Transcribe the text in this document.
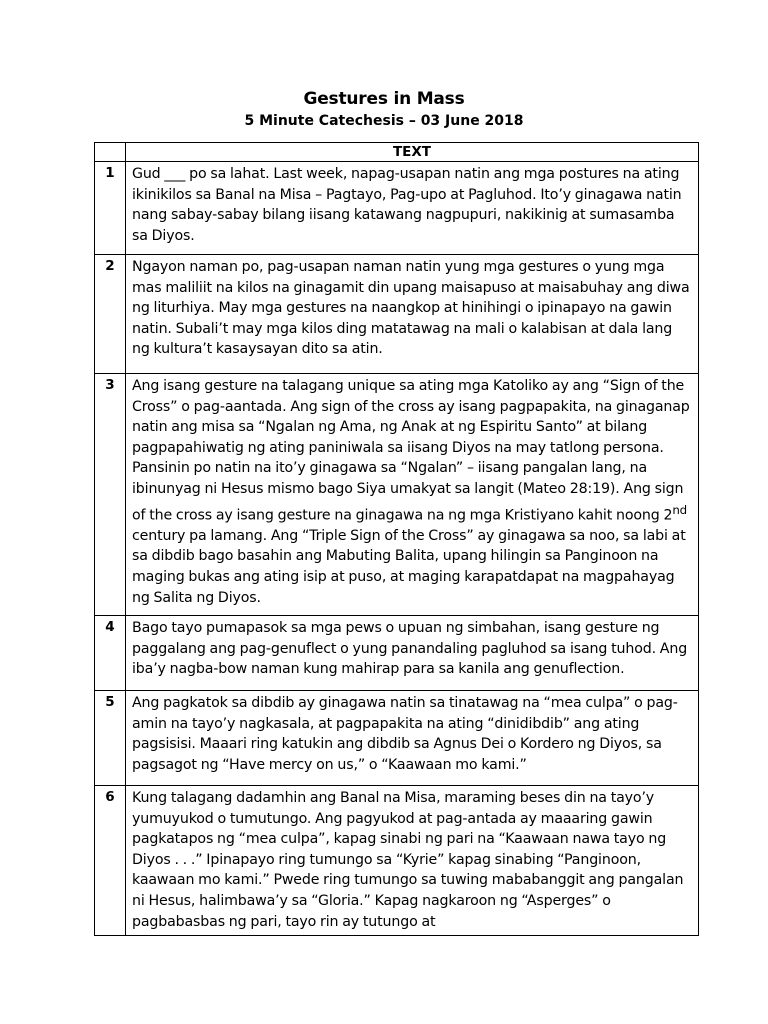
Gestures in Mass
5 Minute Catechesis – 03 June 2018
	TEXT
1	Gud ___ po sa lahat. Last week, napag-usapan natin ang mga postures na ating ikinikilos sa Banal na Misa – Pagtayo, Pag-upo at Pagluhod. Ito’y ginagawa natin nang sabay-sabay bilang iisang katawang nagpupuri, nakikinig at sumasamba sa Diyos.

2	Ngayon naman po, pag-usapan naman natin yung mga gestures o yung mga mas maliliit na kilos na ginagamit din upang maisapuso at maisabuhay ang diwa ng liturhiya. May mga gestures na naangkop at hinihingi o ipinapayo na gawin natin. Subali’t may mga kilos ding matatawag na mali o kalabisan at dala lang ng kultura’t kasaysayan dito sa atin.

3	Ang isang gesture na talagang unique sa ating mga Katoliko ay ang “Sign of the Cross” o pag-aantada. Ang sign of the cross ay isang pagpapakita, na ginaganap natin ang misa sa “Ngalan ng Ama, ng Anak at ng Espiritu Santo” at bilang pagpapahiwatig ng ating paniniwala sa iisang Diyos na may tatlong persona. Pansinin po natin na ito’y ginagawa sa “Ngalan” – iisang pangalan lang, na ibinunyag ni Hesus mismo bago Siya umakyat sa langit (Mateo 28:19). Ang sign of the cross ay isang gesture na ginagawa na ng mga Kristiyano kahit noong 2nd century pa lamang. Ang “Triple Sign of the Cross” ay ginagawa sa noo, sa labi at sa dibdib bago basahin ang Mabuting Balita, upang hilingin sa Panginoon na maging bukas ang ating isip at puso, at maging karapatdapat na magpahayag ng Salita ng Diyos.

4	Bago tayo pumapasok sa mga pews o upuan ng simbahan, isang gesture ng paggalang ang pag-genuflect o yung panandaling pagluhod sa isang tuhod. Ang iba’y nagba-bow naman kung mahirap para sa kanila ang genuflection.

5	Ang pagkatok sa dibdib ay ginagawa natin sa tinatawag na “mea culpa” o pag-amin na tayo’y nagkasala, at pagpapakita na ating “dinidibdib” ang ating pagsisisi. Maaari ring katukin ang dibdib sa Agnus Dei o Kordero ng Diyos, sa pagsagot ng “Have mercy on us,” o “Kaawaan mo kami.”

6	Kung talagang dadamhin ang Banal na Misa, maraming beses din na tayo’y yumuyukod o tumutungo. Ang pagyukod at pag-antada ay maaaring gawin pagkatapos ng “mea culpa”, kapag sinabi ng pari na “Kaawaan nawa tayo ng Diyos . . .” Ipinapayo ring tumungo sa “Kyrie” kapag sinabing “Panginoon, kaawaan mo kami.” Pwede ring tumungo sa tuwing mababanggit ang pangalan ni Hesus, halimbawa’y sa “Gloria.” Kapag nagkaroon ng “Asperges” o pagbabasbas ng pari, tayo rin ay tutungo at
